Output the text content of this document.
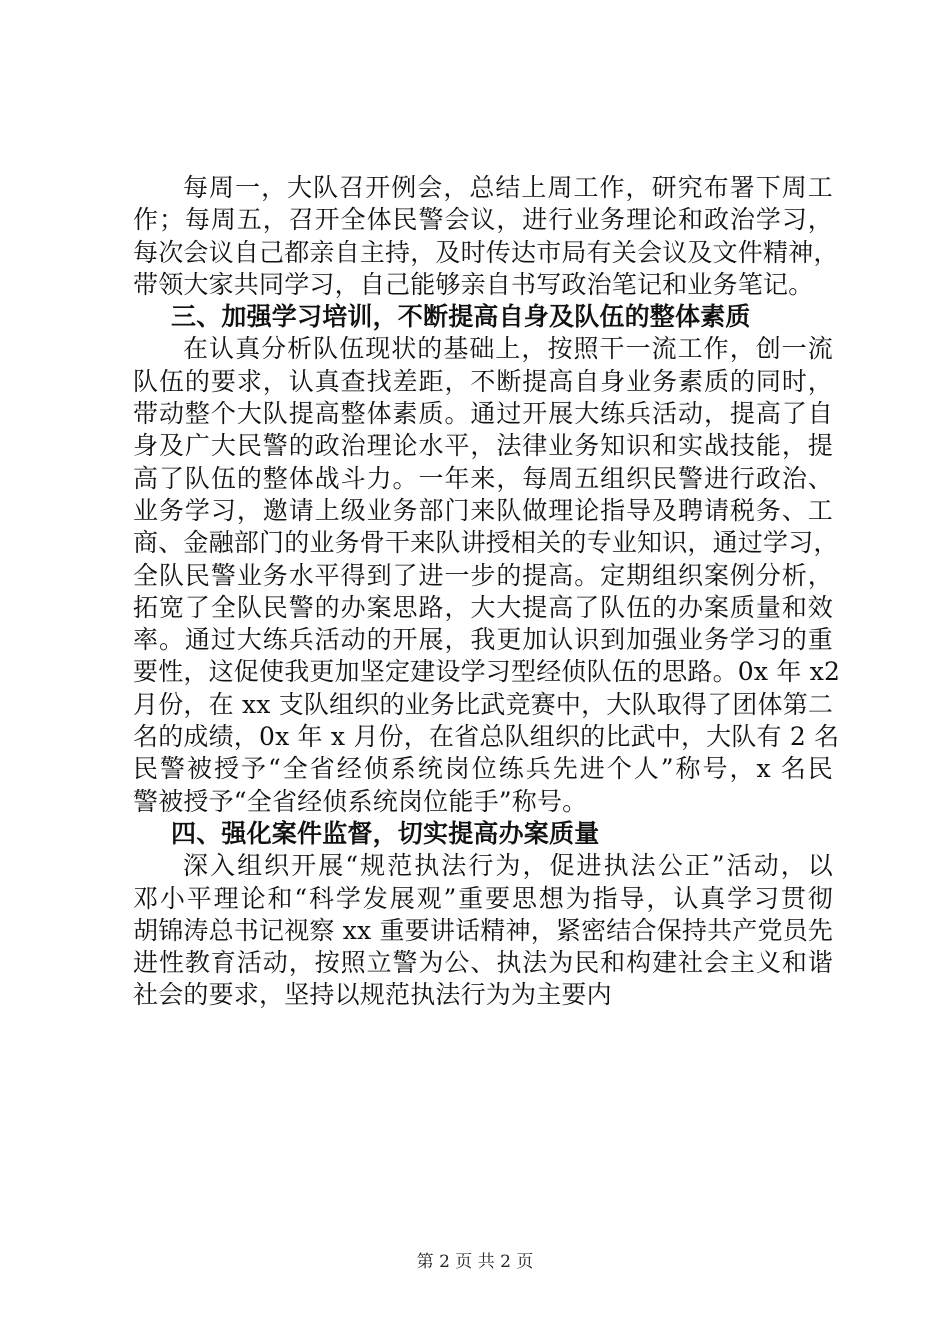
每周一，大队召开例会，总结上周工作，研究布署下周工
作；每周五，召开全体民警会议，进行业务理论和政治学习，
每次会议自己都亲自主持，及时传达市局有关会议及文件精神，
带领大家共同学习，自己能够亲自书写政治笔记和业务笔记。
三、加强学习培训，不断提高自身及队伍的整体素质
在认真分析队伍现状的基础上，按照干一流工作，创一流
队伍的要求，认真查找差距，不断提高自身业务素质的同时，
带动整个大队提高整体素质。通过开展大练兵活动，提高了自
身及广大民警的政治理论水平，法律业务知识和实战技能，提
高了队伍的整体战斗力。一年来，每周五组织民警进行政治、
业务学习，邀请上级业务部门来队做理论指导及聘请税务、工
商、金融部门的业务骨干来队讲授相关的专业知识，通过学习，
全队民警业务水平得到了进一步的提高。定期组织案例分析，
拓宽了全队民警的办案思路，大大提高了队伍的办案质量和效
率。通过大练兵活动的开展，我更加认识到加强业务学习的重
要性，这促使我更加坚定建设学习型经侦队伍的思路。0x 年 x2
月份，在 xx 支队组织的业务比武竞赛中，大队取得了团体第二
名的成绩，0x 年 x 月份，在省总队组织的比武中，大队有 2 名
民警被授予“全省经侦系统岗位练兵先进个人”称号，x 名民
警被授予“全省经侦系统岗位能手”称号。
四、强化案件监督，切实提高办案质量
深入组织开展“规范执法行为，促进执法公正”活动，以
邓小平理论和“科学发展观”重要思想为指导，认真学习贯彻
胡锦涛总书记视察 xx 重要讲话精神，紧密结合保持共产党员先
进性教育活动，按照立警为公、执法为民和构建社会主义和谐
社会的要求，坚持以规范执法行为为主要内
第 2 页 共 2 页
